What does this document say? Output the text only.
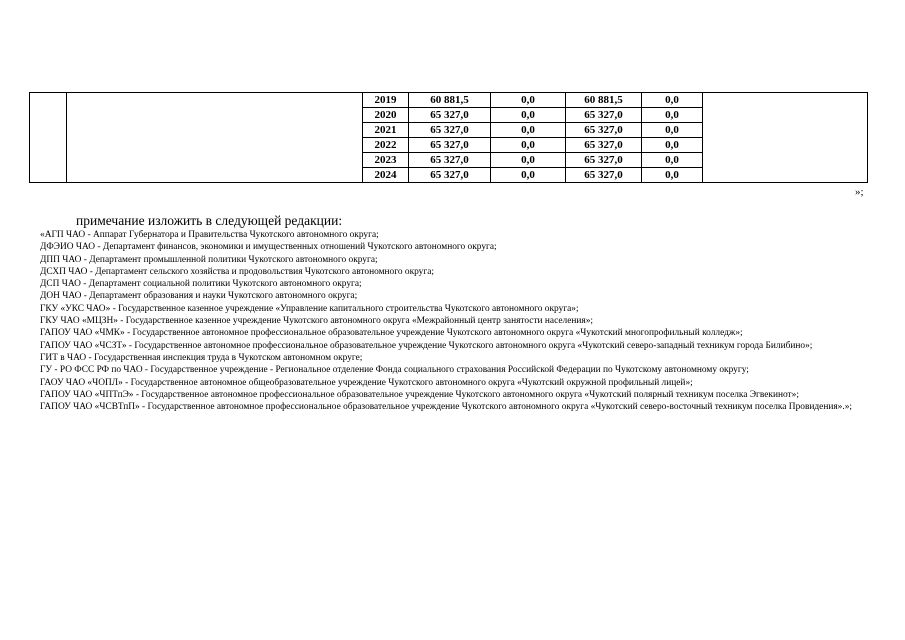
		2019	60 881,5	0,0	60 881,5	0,0	
		2020	65 327,0	0,0	65 327,0	0,0	
		2021	65 327,0	0,0	65 327,0	0,0	
		2022	65 327,0	0,0	65 327,0	0,0	
		2023	65 327,0	0,0	65 327,0	0,0	
		2024	65 327,0	0,0	65 327,0	0,0	
»;
примечание изложить в следующей редакции:
«АГП ЧАО - Аппарат Губернатора и Правительства Чукотского автономного округа;
ДФЭИО ЧАО - Департамент финансов, экономики и имущественных отношений Чукотского автономного округа;
ДПП ЧАО - Департамент промышленной политики Чукотского автономного округа;
ДСХП ЧАО - Департамент сельского хозяйства и продовольствия Чукотского автономного округа;
ДСП ЧАО - Департамент социальной политики Чукотского автономного округа;
ДОН ЧАО - Департамент образования и науки Чукотского автономного округа;
ГКУ «УКС ЧАО» - Государственное казенное учреждение «Управление капитального строительства Чукотского автономного округа»;
ГКУ ЧАО «МЦЗН» - Государственное казенное учреждение Чукотского автономного округа «Межрайонный центр занятости населения»;
ГАПОУ ЧАО «ЧМК» - Государственное автономное профессиональное образовательное учреждение Чукотского автономного округа «Чукотский многопрофильный колледж»;
ГАПОУ ЧАО «ЧСЗТ» - Государственное автономное профессиональное образовательное учреждение Чукотского автономного округа «Чукотский северо-западный техникум города Билибино»;
ГИТ в ЧАО - Государственная инспекция труда в Чукотском автономном округе;
ГУ - РО ФСС РФ по ЧАО - Государственное учреждение - Региональное отделение Фонда социального страхования Российской Федерации по Чукотскому автономному округу;
ГАОУ ЧАО «ЧОПЛ» - Государственное автономное общеобразовательное учреждение Чукотского автономного округа «Чукотский окружной профильный лицей»;
ГАПОУ ЧАО «ЧПТпЭ» - Государственное автономное профессиональное образовательное учреждение Чукотского автономного округа «Чукотский полярный техникум поселка Эгвекинот»;
ГАПОУ ЧАО «ЧСВТпП» - Государственное автономное профессиональное образовательное учреждение Чукотского автономного округа «Чукотский северо-восточный техникум поселка Провидения».»;
